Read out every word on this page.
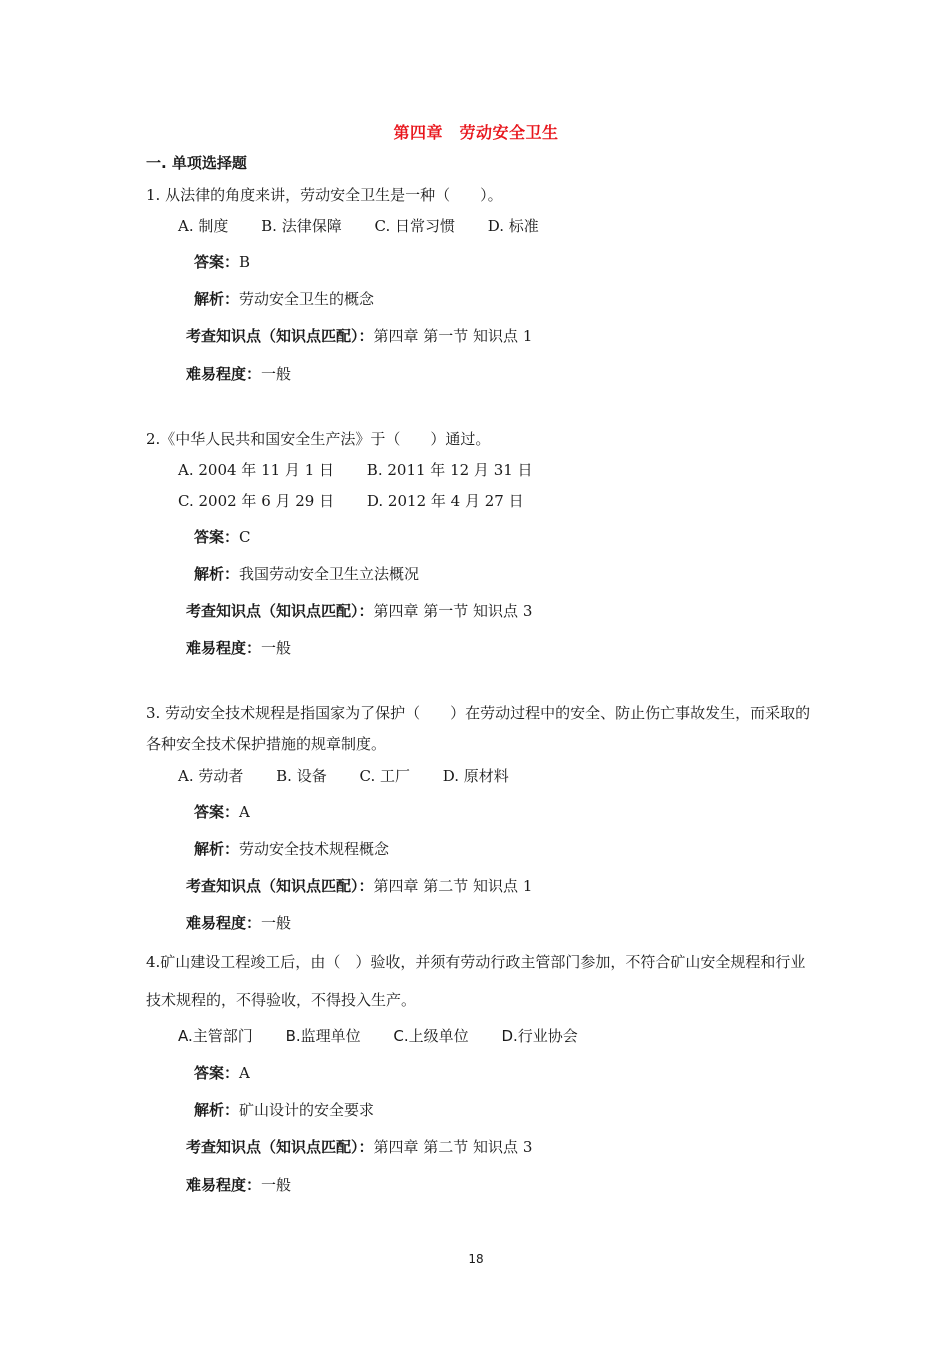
第四章　劳动安全卫生
一. 单项选择题
1. 从法律的角度来讲，劳动安全卫生是一种（　　）。
A. 制度 B. 法律保障 C. 日常习惯 D. 标准
答案：B
解析：劳动安全卫生的概念
考查知识点（知识点匹配）：第四章 第一节 知识点 1
难易程度：一般
2.《中华人民共和国安全生产法》于（　　）通过。
A. 2004 年 11 月 1 日 B. 2011 年 12 月 31 日
C. 2002 年 6 月 29 日 D. 2012 年 4 月 27 日
答案：C
解析：我国劳动安全卫生立法概况
考查知识点（知识点匹配）：第四章 第一节 知识点 3
难易程度：一般
3. 劳动安全技术规程是指国家为了保护（　　）在劳动过程中的安全、防止伤亡事故发生，而采取的各种安全技术保护措施的规章制度。
A. 劳动者 B. 设备 C. 工厂 D. 原材料
答案：A
解析：劳动安全技术规程概念
考查知识点（知识点匹配）：第四章 第二节 知识点 1
难易程度：一般
4.矿山建设工程竣工后，由（　）验收，并须有劳动行政主管部门参加，不符合矿山安全规程和行业技术规程的，不得验收，不得投入生产。
A.主管部门 B.监理单位 C.上级单位 D.行业协会
答案：A
解析：矿山设计的安全要求
考查知识点（知识点匹配）：第四章 第二节 知识点 3
难易程度：一般
18
